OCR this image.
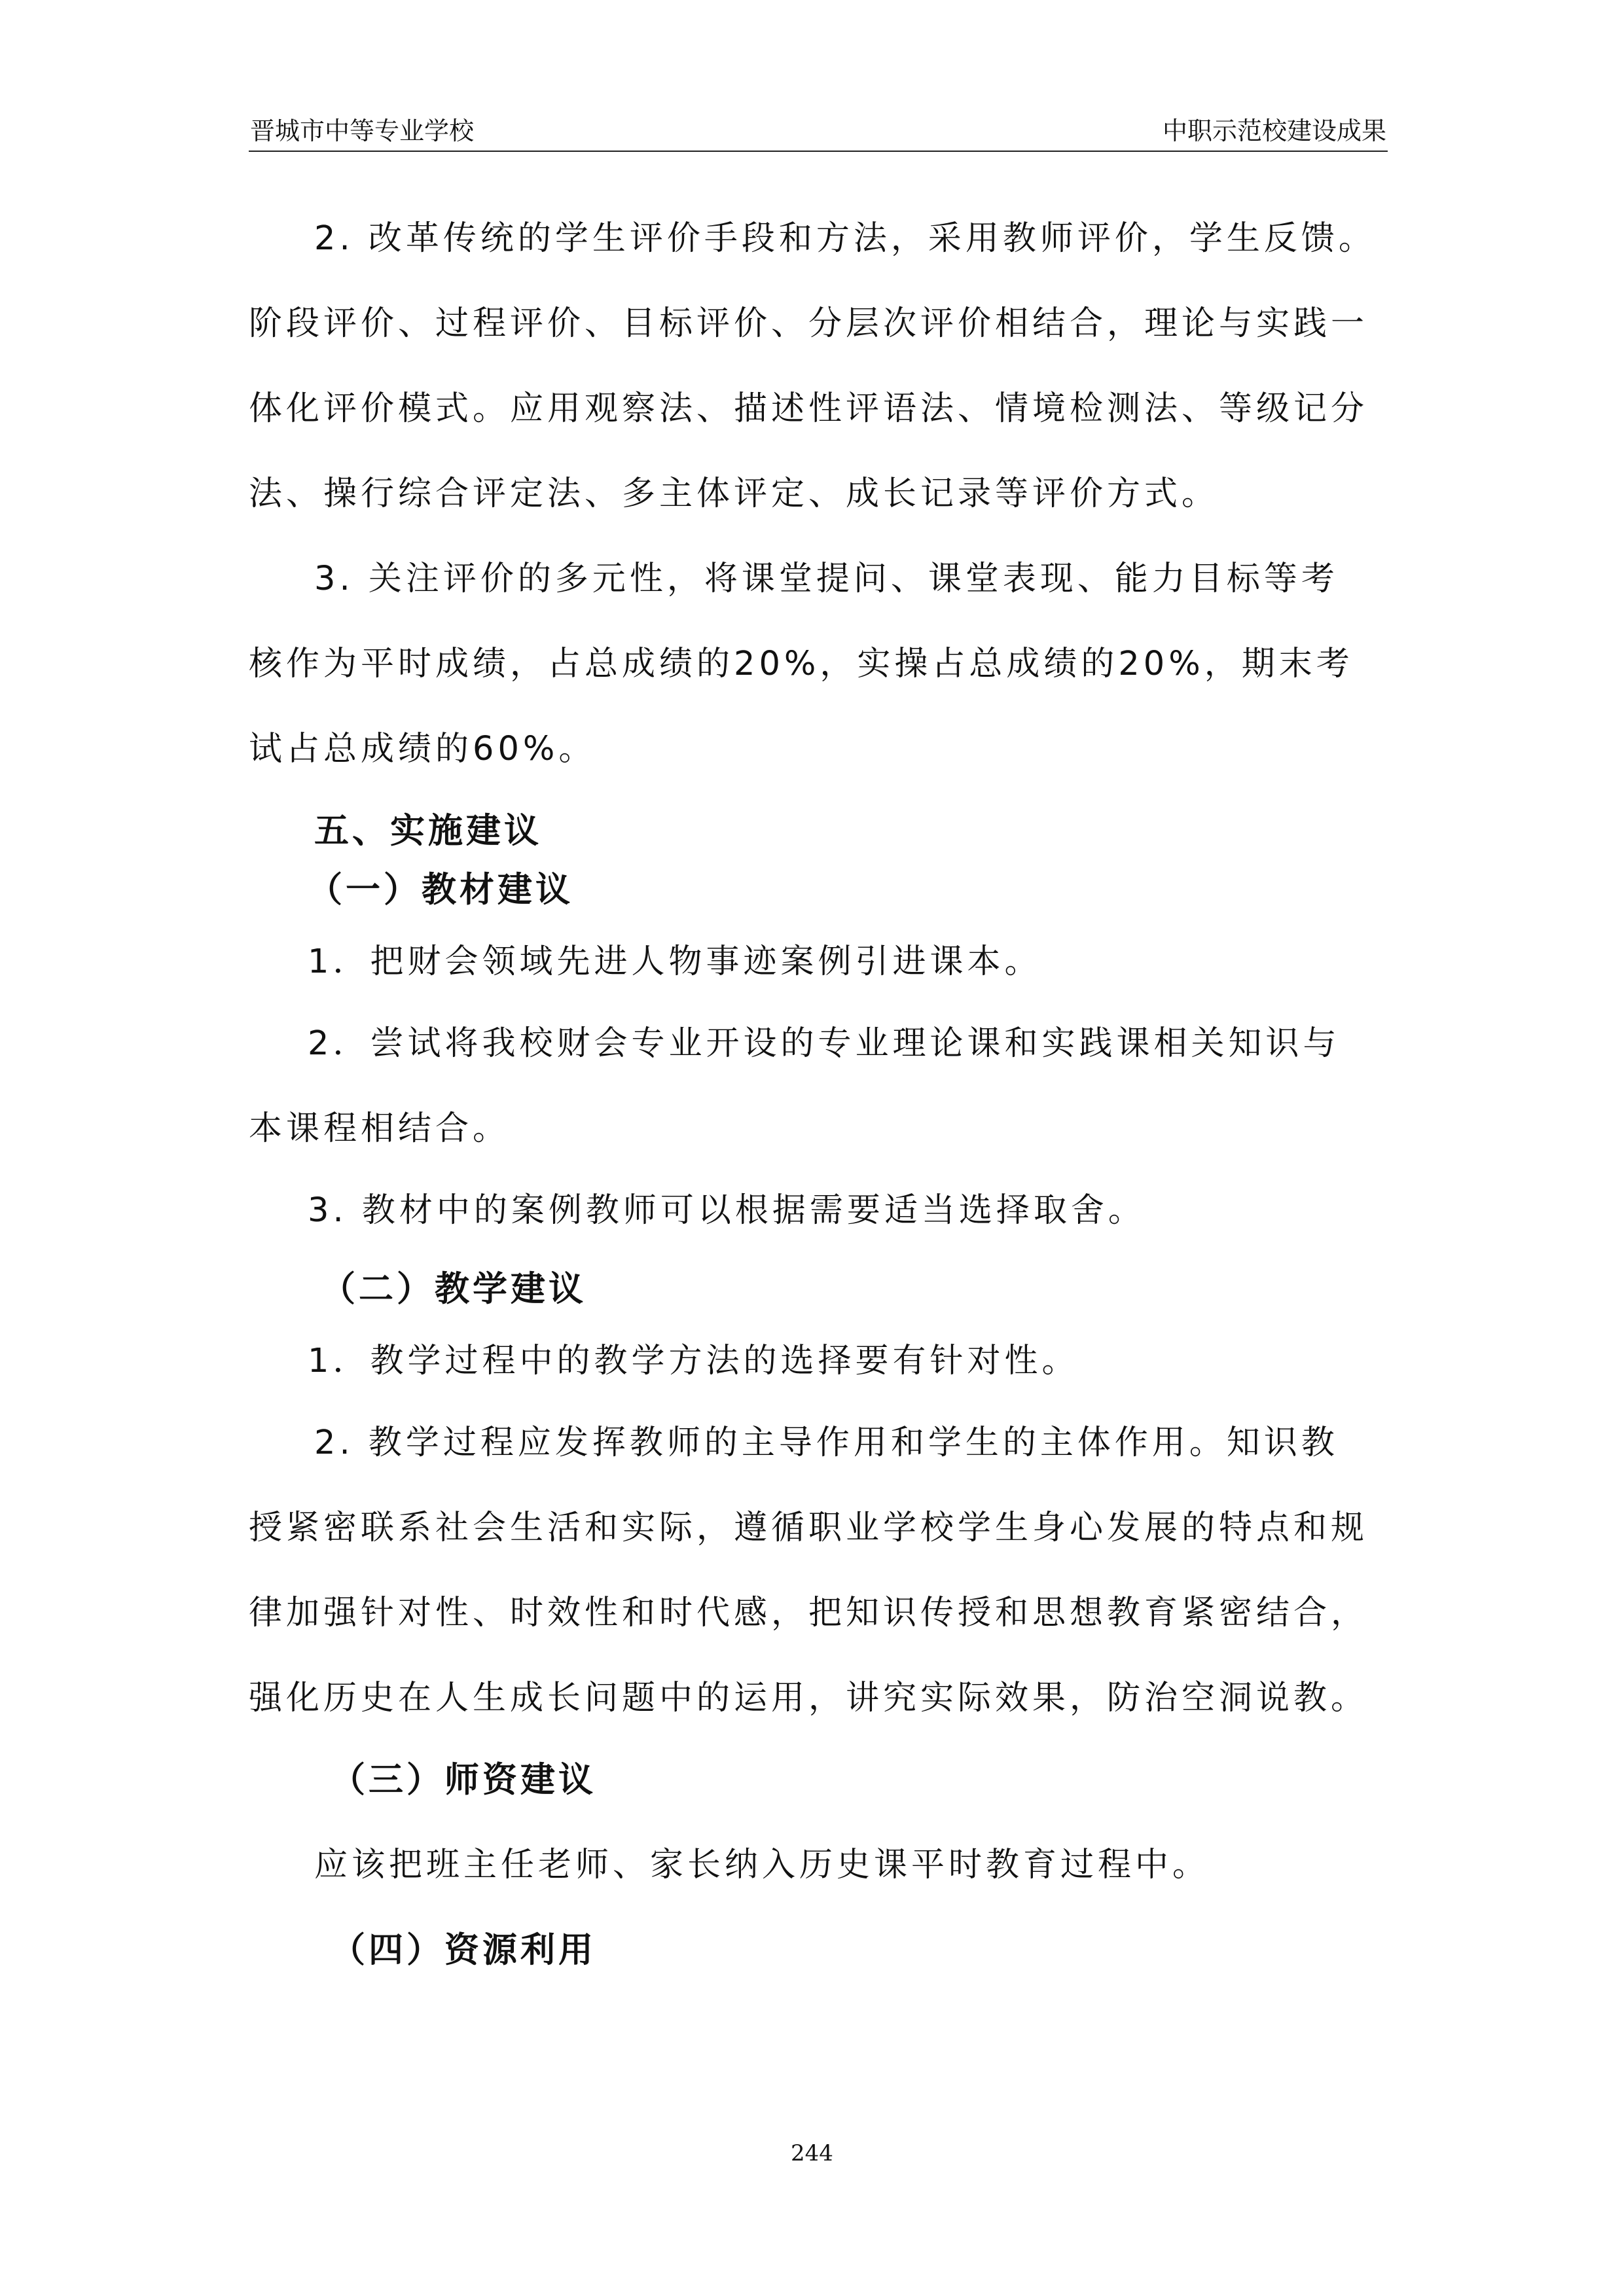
晋城市中等专业学校	中职示范校建设成果
2. 改革传统的学生评价手段和方法，采用教师评价，学生反馈。
阶段评价、过程评价、目标评价、分层次评价相结合，理论与实践一
体化评价模式。应用观察法、描述性评语法、情境检测法、等级记分
法、操行综合评定法、多主体评定、成长记录等评价方式。
3. 关注评价的多元性，将课堂提问、课堂表现、能力目标等考
核作为平时成绩，占总成绩的20%，实操占总成绩的20%，期末考
试占总成绩的60%。
五、实施建议
（一）教材建议
1．把财会领域先进人物事迹案例引进课本。
2．尝试将我校财会专业开设的专业理论课和实践课相关知识与
本课程相结合。
3. 教材中的案例教师可以根据需要适当选择取舍。
（二）教学建议
1．教学过程中的教学方法的选择要有针对性。
2. 教学过程应发挥教师的主导作用和学生的主体作用。知识教
授紧密联系社会生活和实际，遵循职业学校学生身心发展的特点和规
律加强针对性、时效性和时代感，把知识传授和思想教育紧密结合，
强化历史在人生成长问题中的运用，讲究实际效果，防治空洞说教。
（三）师资建议
应该把班主任老师、家长纳入历史课平时教育过程中。
（四）资源利用
244
